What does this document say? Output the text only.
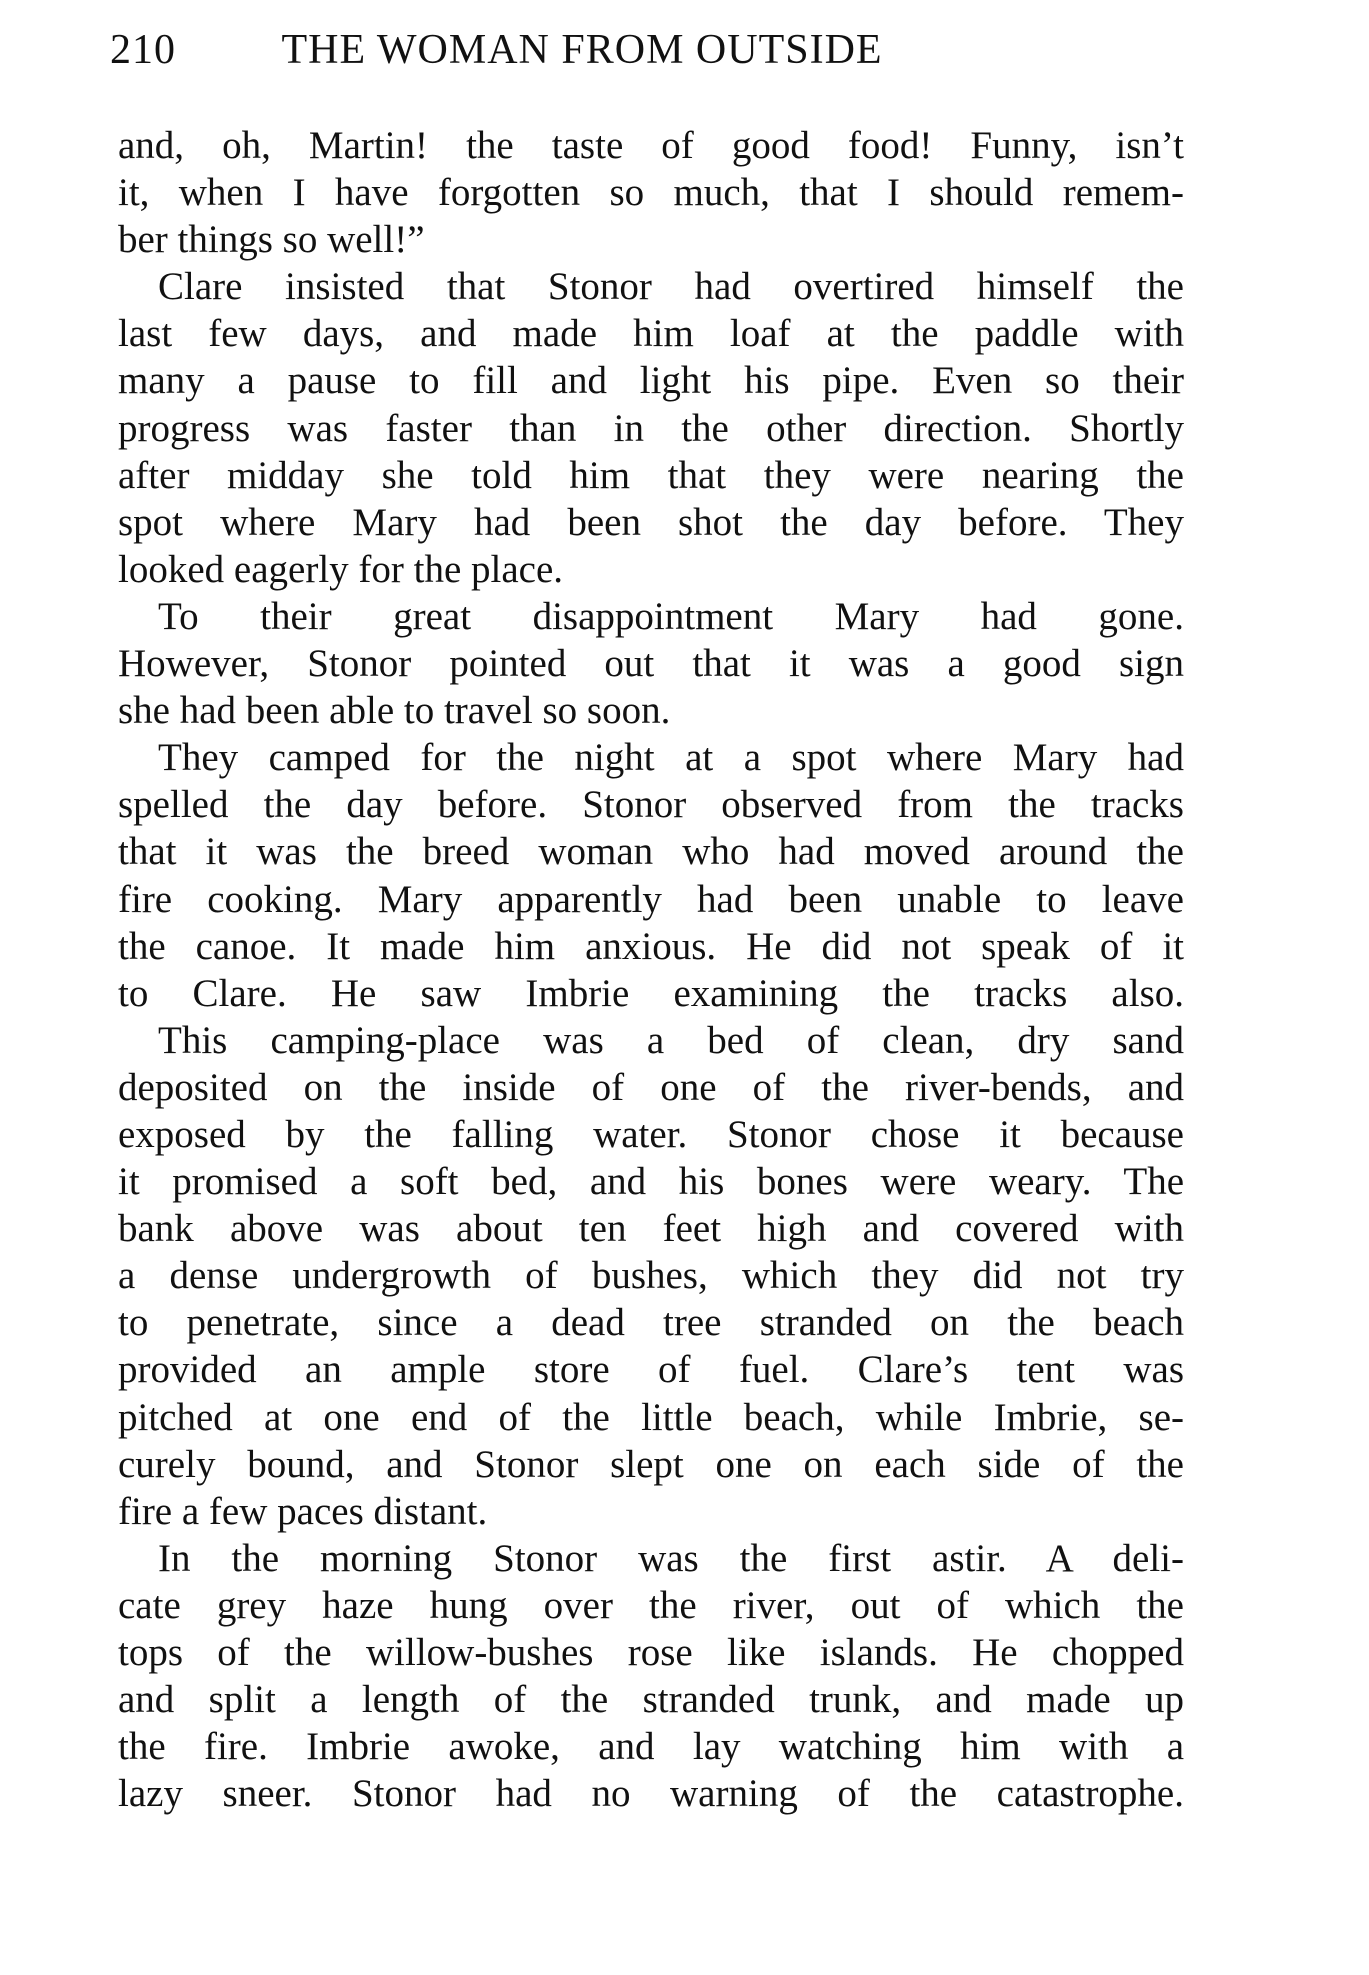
210	THE WOMAN FROM OUTSIDE
and, oh, Martin! the taste of good food! Funny, isn’t
it, when I have forgotten so much, that I should remem-
ber things so well!”
Clare insisted that Stonor had overtired himself the
last few days, and made him loaf at the paddle with
many a pause to fill and light his pipe. Even so their
progress was faster than in the other direction. Shortly
after midday she told him that they were nearing the
spot where Mary had been shot the day before. They
looked eagerly for the place.
To their great disappointment Mary had gone.
However, Stonor pointed out that it was a good sign
she had been able to travel so soon.
They camped for the night at a spot where Mary had
spelled the day before. Stonor observed from the tracks
that it was the breed woman who had moved around the
fire cooking. Mary apparently had been unable to leave
the canoe. It made him anxious. He did not speak of it
to Clare. He saw Imbrie examining the tracks also.
This camping-place was a bed of clean, dry sand
deposited on the inside of one of the river-bends, and
exposed by the falling water. Stonor chose it because
it promised a soft bed, and his bones were weary. The
bank above was about ten feet high and covered with
a dense undergrowth of bushes, which they did not try
to penetrate, since a dead tree stranded on the beach
provided an ample store of fuel. Clare’s tent was
pitched at one end of the little beach, while Imbrie, se-
curely bound, and Stonor slept one on each side of the
fire a few paces distant.
In the morning Stonor was the first astir. A deli-
cate grey haze hung over the river, out of which the
tops of the willow-bushes rose like islands. He chopped
and split a length of the stranded trunk, and made up
the fire. Imbrie awoke, and lay watching him with a
lazy sneer. Stonor had no warning of the catastrophe.
